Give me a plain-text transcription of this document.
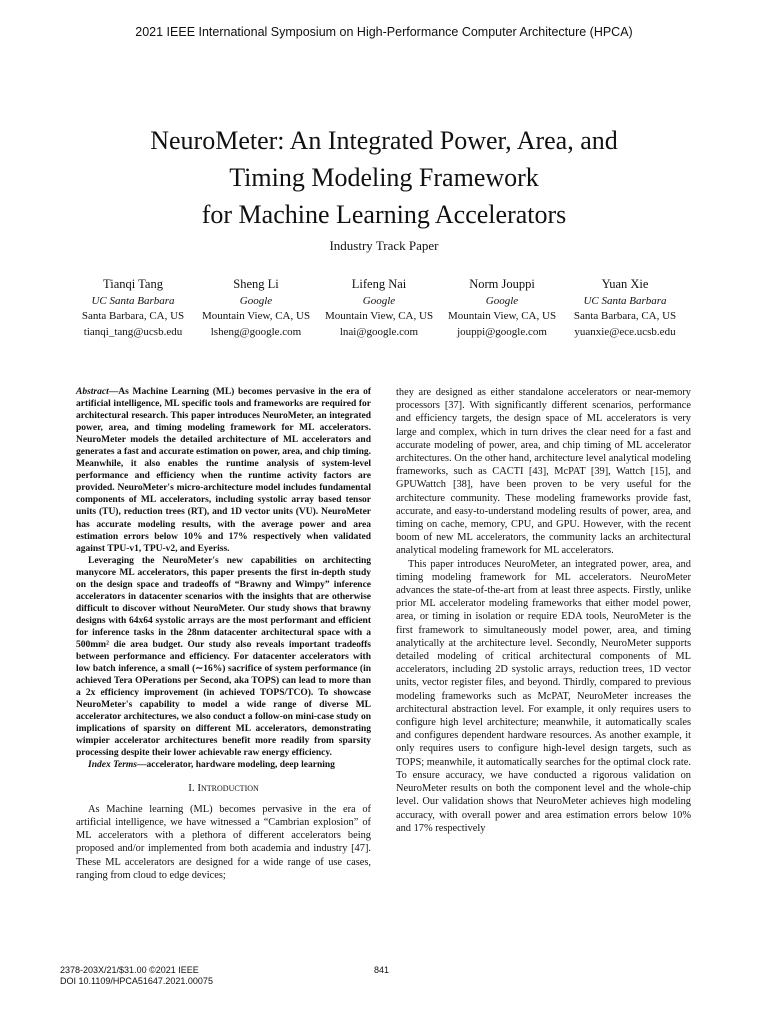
2021 IEEE International Symposium on High-Performance Computer Architecture (HPCA)
NeuroMeter: An Integrated Power, Area, and
Timing Modeling Framework
for Machine Learning Accelerators
Industry Track Paper
Tianqi Tang
UC Santa Barbara
Santa Barbara, CA, US
tianqi_tang@ucsb.edu
Sheng Li
Google
Mountain View, CA, US
lsheng@google.com
Lifeng Nai
Google
Mountain View, CA, US
lnai@google.com
Norm Jouppi
Google
Mountain View, CA, US
jouppi@google.com
Yuan Xie
UC Santa Barbara
Santa Barbara, CA, US
yuanxie@ece.ucsb.edu

Abstract—As Machine Learning (ML) becomes pervasive in the era of artificial intelligence, ML specific tools and frameworks are required for architectural research. This paper introduces NeuroMeter, an integrated power, area, and timing modeling framework for ML accelerators. NeuroMeter models the detailed architecture of ML accelerators and generates a fast and accurate estimation on power, area, and chip timing. Meanwhile, it also enables the runtime analysis of system-level performance and efficiency when the runtime activity factors are provided. NeuroMeter's micro-architecture model includes fundamental components of ML accelerators, including systolic array based tensor units (TU), reduction trees (RT), and 1D vector units (VU). NeuroMeter has accurate modeling results, with the average power and area estimation errors below 10% and 17% respectively when validated against TPU-v1, TPU-v2, and Eyeriss.

Leveraging the NeuroMeter's new capabilities on architecting manycore ML accelerators, this paper presents the first in-depth study on the design space and tradeoffs of “Brawny and Wimpy” inference accelerators in datacenter scenarios with the insights that are otherwise difficult to discover without NeuroMeter. Our study shows that brawny designs with 64x64 systolic arrays are the most performant and efficient for inference tasks in the 28nm datacenter architectural space with a 500mm² die area budget. Our study also reveals important tradeoffs between performance and efficiency. For datacenter accelerators with low batch inference, a small (∼16%) sacrifice of system performance (in achieved Tera OPerations per Second, aka TOPS) can lead to more than a 2x efficiency improvement (in achieved TOPS/TCO). To showcase NeuroMeter's capability to model a wide range of diverse ML accelerator architectures, we also conduct a follow-on mini-case study on implications of sparsity on different ML accelerators, demonstrating wimpier accelerator architectures benefit more readily from sparsity processing despite their lower achievable raw energy efficiency.

Index Terms—accelerator, hardware modeling, deep learning

I. Introduction

As Machine learning (ML) becomes pervasive in the era of artificial intelligence, we have witnessed a “Cambrian explosion” of ML accelerators with a plethora of different accelerators being proposed and/or implemented from both academia and industry [47]. These ML accelerators are designed for a wide range of use cases, ranging from cloud to edge devices;

they are designed as either standalone accelerators or near-memory processors [37]. With significantly different scenarios, performance and efficiency targets, the design space of ML accelerators is very large and complex, which in turn drives the clear need for a fast and accurate modeling of power, area, and chip timing of ML accelerator architectures. On the other hand, architecture level analytical modeling frameworks, such as CACTI [43], McPAT [39], Wattch [15], and GPUWattch [38], have been proven to be very useful for the architecture community. These modeling frameworks provide fast, accurate, and easy-to-understand modeling results of power, area, and timing on cache, memory, CPU, and GPU. However, with the recent boom of new ML accelerators, the community lacks an architectural analytical modeling framework for ML accelerators.

This paper introduces NeuroMeter, an integrated power, area, and timing modeling framework for ML accelerators. NeuroMeter advances the state-of-the-art from at least three aspects. Firstly, unlike prior ML accelerator modeling frameworks that either model power, area, or timing in isolation or require EDA tools, NeuroMeter is the first framework to simultaneously model power, area, and timing analytically at the architecture level. Secondly, NeuroMeter supports detailed modeling of critical architectural components of ML accelerators, including 2D systolic arrays, reduction trees, 1D vector units, vector register files, and beyond. Thirdly, compared to previous modeling frameworks such as McPAT, NeuroMeter increases the architectural abstraction level. For example, it only requires users to configure high level architecture; meanwhile, it automatically scales and configures dependent hardware resources. As another example, it only requires users to configure high-level design targets, such as TOPS; meanwhile, it automatically searches for the optimal clock rate. To ensure accuracy, we have conducted a rigorous validation on NeuroMeter results on both the component level and the whole-chip level. Our validation shows that NeuroMeter achieves high modeling accuracy, with overall power and area estimation errors below 10% and 17% respectively

2378-203X/21/$31.00 ©2021 IEEE
DOI 10.1109/HPCA51647.2021.00075
841
